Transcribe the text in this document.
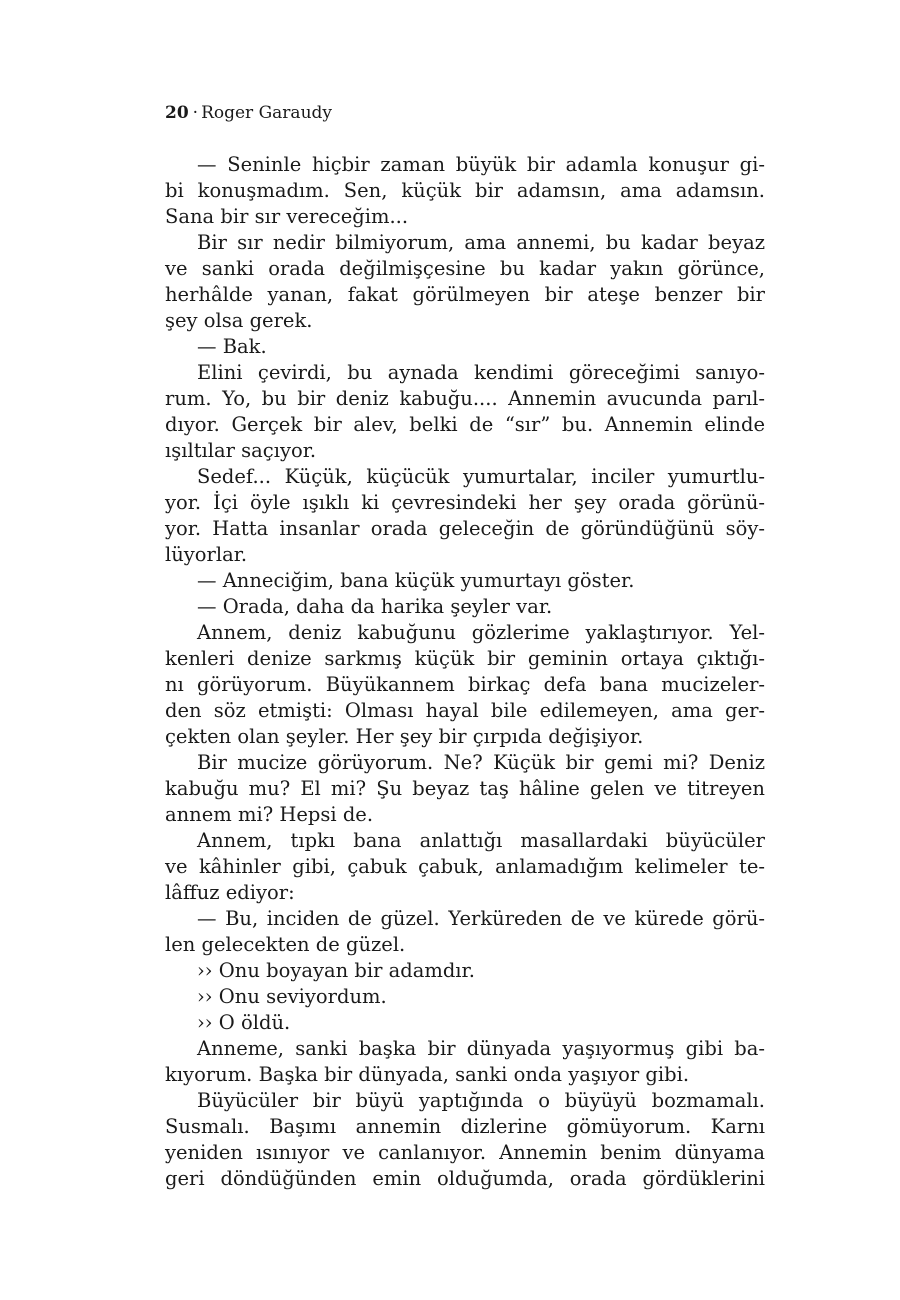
20 · Roger Garaudy
— Seninle hiçbir zaman büyük bir adamla konuşur gi-
bi konuşmadım. Sen, küçük bir adamsın, ama adamsın.
Sana bir sır vereceğim...
Bir sır nedir bilmiyorum, ama annemi, bu kadar beyaz
ve sanki orada değilmişçesine bu kadar yakın görünce,
herhâlde yanan, fakat görülmeyen bir ateşe benzer bir
şey olsa gerek.
— Bak.
Elini çevirdi, bu aynada kendimi göreceğimi sanıyo-
rum. Yo, bu bir deniz kabuğu.... Annemin avucunda parıl-
dıyor. Gerçek bir alev, belki de “sır” bu. Annemin elinde
ışıltılar saçıyor.
Sedef... Küçük, küçücük yumurtalar, inciler yumurtlu-
yor. İçi öyle ışıklı ki çevresindeki her şey orada görünü-
yor. Hatta insanlar orada geleceğin de göründüğünü söy-
lüyorlar.
— Anneciğim, bana küçük yumurtayı göster.
— Orada, daha da harika şeyler var.
Annem, deniz kabuğunu gözlerime yaklaştırıyor. Yel-
kenleri denize sarkmış küçük bir geminin ortaya çıktığı-
nı görüyorum. Büyükannem birkaç defa bana mucizeler-
den söz etmişti: Olması hayal bile edilemeyen, ama ger-
çekten olan şeyler. Her şey bir çırpıda değişiyor.
Bir mucize görüyorum. Ne? Küçük bir gemi mi? Deniz
kabuğu mu? El mi? Şu beyaz taş hâline gelen ve titreyen
annem mi? Hepsi de.
Annem, tıpkı bana anlattığı masallardaki büyücüler
ve kâhinler gibi, çabuk çabuk, anlamadığım kelimeler te-
lâffuz ediyor:
— Bu, inciden de güzel. Yerküreden de ve kürede görü-
len gelecekten de güzel.
›› Onu boyayan bir adamdır.
›› Onu seviyordum.
›› O öldü.
Anneme, sanki başka bir dünyada yaşıyormuş gibi ba-
kıyorum. Başka bir dünyada, sanki onda yaşıyor gibi.
Büyücüler bir büyü yaptığında o büyüyü bozmamalı.
Susmalı. Başımı annemin dizlerine gömüyorum. Karnı
yeniden ısınıyor ve canlanıyor. Annemin benim dünyama
geri döndüğünden emin olduğumda, orada gördüklerini
